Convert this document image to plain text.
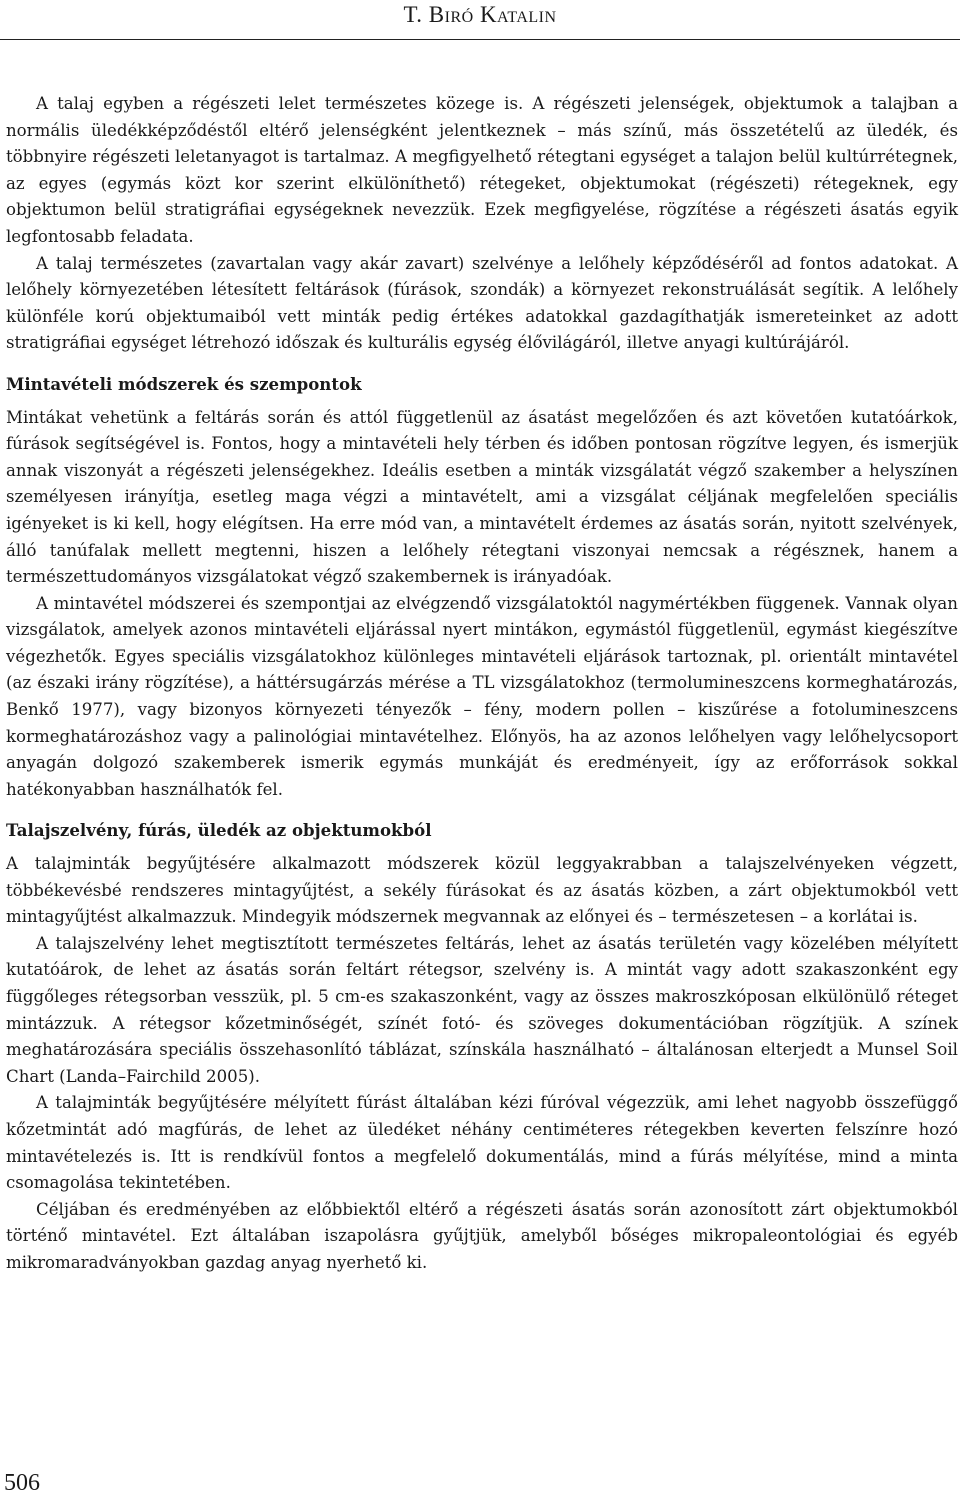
T. Biró Katalin

A talaj egyben a régészeti lelet természetes közege is. A régészeti jelenségek, objektumok a talajban a normális üledékképződéstől eltérő jelenségként jelentkeznek – más színű, más összetételű az üledék, és többnyire régészeti leletanyagot is tartalmaz. A megfigyelhető rétegtani egységet a talajon belül kultúrrétegnek, az egyes (egymás közt kor szerint elkülöníthető) rétegeket, objektumokat (régészeti) rétegeknek, egy objektumon belül stratigráfiai egységeknek nevezzük. Ezek megfigyelése, rögzítése a régészeti ásatás egyik legfontosabb feladata.

A talaj természetes (zavartalan vagy akár zavart) szelvénye a lelőhely képződéséről ad fontos adatokat. A lelőhely környezetében létesített feltárások (fúrások, szondák) a környezet rekonstruálását segítik. A lelőhely különféle korú objektumaiból vett minták pedig értékes adatokkal gazdagíthatják ismereteinket az adott stratigráfiai egységet létrehozó időszak és kulturális egység élővilágáról, illetve anyagi kultúrájáról.

Mintavételi módszerek és szempontok

Mintákat vehetünk a feltárás során és attól függetlenül az ásatást megelőzően és azt követően kutatóárkok, fúrások segítségével is. Fontos, hogy a mintavételi hely térben és időben pontosan rögzítve legyen, és ismerjük annak viszonyát a régészeti jelenségekhez. Ideális esetben a minták vizsgálatát végző szakember a helyszínen személyesen irányítja, esetleg maga végzi a mintavételt, ami a vizsgálat céljának megfelelően speciális igényeket is ki kell, hogy elégítsen. Ha erre mód van, a mintavételt érdemes az ásatás során, nyitott szelvények, álló tanúfalak mellett megtenni, hiszen a lelőhely rétegtani viszonyai nemcsak a régésznek, hanem a természettudományos vizsgálatokat végző szakembernek is irányadóak.

A mintavétel módszerei és szempontjai az elvégzendő vizsgálatoktól nagymértékben függenek. Vannak olyan vizsgálatok, amelyek azonos mintavételi eljárással nyert mintákon, egymástól függetlenül, egymást kiegészítve végezhetők. Egyes speciális vizsgálatokhoz különleges mintavételi eljárások tartoznak, pl. orientált mintavétel (az északi irány rögzítése), a háttérsugárzás mérése a TL vizsgálatokhoz (termolumineszcens kormeghatározás, Benkő 1977), vagy bizonyos környezeti tényezők – fény, modern pollen – kiszűrése a fotolumineszcens kormeghatározáshoz vagy a palinológiai mintavételhez. Előnyös, ha az azonos lelőhelyen vagy lelőhelycsoport anyagán dolgozó szakemberek ismerik egymás munkáját és eredményeit, így az erőforrások sokkal hatékonyabban használhatók fel.

Talajszelvény, fúrás, üledék az objektumokból

A talajminták begyűjtésére alkalmazott módszerek közül leggyakrabban a talajszelvényeken végzett, többékevésbé rendszeres mintagyűjtést, a sekély fúrásokat és az ásatás közben, a zárt objektumokból vett mintagyűjtést alkalmazzuk. Mindegyik módszernek megvannak az előnyei és – természetesen – a korlátai is.

A talajszelvény lehet megtisztított természetes feltárás, lehet az ásatás területén vagy közelében mélyített kutatóárok, de lehet az ásatás során feltárt rétegsor, szelvény is. A mintát vagy adott szakaszonként egy függőleges rétegsorban vesszük, pl. 5 cm-es szakaszonként, vagy az összes makroszkóposan elkülönülő réteget mintázzuk. A rétegsor kőzetminőségét, színét fotó- és szöveges dokumentációban rögzítjük. A színek meghatározására speciális összehasonlító táblázat, színskála használható – általánosan elterjedt a Munsel Soil Chart (Landa–Fairchild 2005).

A talajminták begyűjtésére mélyített fúrást általában kézi fúróval végezzük, ami lehet nagyobb összefüggő kőzetmintát adó magfúrás, de lehet az üledéket néhány centiméteres rétegekben keverten felszínre hozó mintavételezés is. Itt is rendkívül fontos a megfelelő dokumentálás, mind a fúrás mélyítése, mind a minta csomagolása tekintetében.

Céljában és eredményében az előbbiektől eltérő a régészeti ásatás során azonosított zárt objektumokból történő mintavétel. Ezt általában iszapolásra gyűjtjük, amelyből bőséges mikropaleontológiai és egyéb mikromaradványokban gazdag anyag nyerhető ki.

506
